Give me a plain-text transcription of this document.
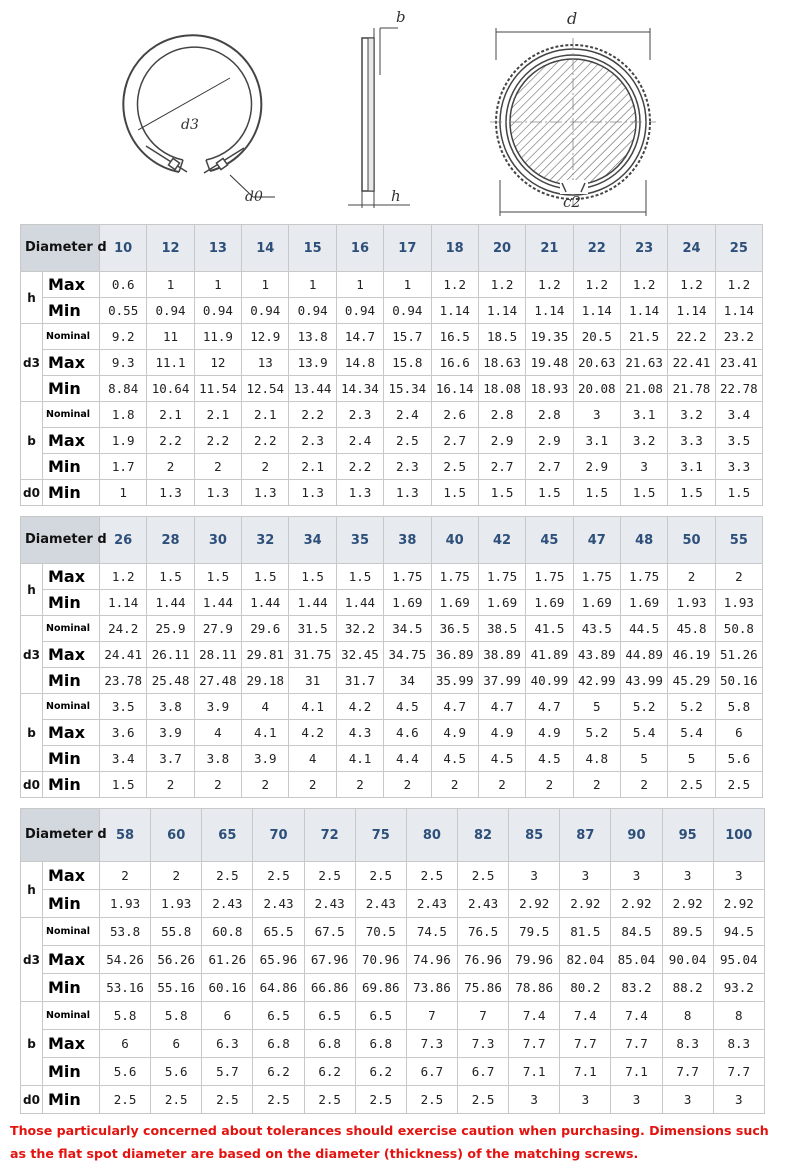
d3
d0
b
h
d
c2
Diameter d		10	12	13	14	15	16	17	18	20	21	22	23	24	25
h	Max	0.6	1	1	1	1	1	1	1.2	1.2	1.2	1.2	1.2	1.2	1.2
	Min	0.55	0.94	0.94	0.94	0.94	0.94	0.94	1.14	1.14	1.14	1.14	1.14	1.14	1.14
d3	Nominal	9.2	11	11.9	12.9	13.8	14.7	15.7	16.5	18.5	19.35	20.5	21.5	22.2	23.2
	Max	9.3	11.1	12	13	13.9	14.8	15.8	16.6	18.63	19.48	20.63	21.63	22.41	23.41
	Min	8.84	10.64	11.54	12.54	13.44	14.34	15.34	16.14	18.08	18.93	20.08	21.08	21.78	22.78
b	Nominal	1.8	2.1	2.1	2.1	2.2	2.3	2.4	2.6	2.8	2.8	3	3.1	3.2	3.4
	Max	1.9	2.2	2.2	2.2	2.3	2.4	2.5	2.7	2.9	2.9	3.1	3.2	3.3	3.5
	Min	1.7	2	2	2	2.1	2.2	2.3	2.5	2.7	2.7	2.9	3	3.1	3.3
d0	Min	1	1.3	1.3	1.3	1.3	1.3	1.3	1.5	1.5	1.5	1.5	1.5	1.5	1.5
Diameter d		26	28	30	32	34	35	38	40	42	45	47	48	50	55
h	Max	1.2	1.5	1.5	1.5	1.5	1.5	1.75	1.75	1.75	1.75	1.75	1.75	2	2
	Min	1.14	1.44	1.44	1.44	1.44	1.44	1.69	1.69	1.69	1.69	1.69	1.69	1.93	1.93
d3	Nominal	24.2	25.9	27.9	29.6	31.5	32.2	34.5	36.5	38.5	41.5	43.5	44.5	45.8	50.8
	Max	24.41	26.11	28.11	29.81	31.75	32.45	34.75	36.89	38.89	41.89	43.89	44.89	46.19	51.26
	Min	23.78	25.48	27.48	29.18	31	31.7	34	35.99	37.99	40.99	42.99	43.99	45.29	50.16
b	Nominal	3.5	3.8	3.9	4	4.1	4.2	4.5	4.7	4.7	4.7	5	5.2	5.2	5.8
	Max	3.6	3.9	4	4.1	4.2	4.3	4.6	4.9	4.9	4.9	5.2	5.4	5.4	6
	Min	3.4	3.7	3.8	3.9	4	4.1	4.4	4.5	4.5	4.5	4.8	5	5	5.6
d0	Min	1.5	2	2	2	2	2	2	2	2	2	2	2	2.5	2.5
Diameter d		58	60	65	70	72	75	80	82	85	87	90	95	100
h	Max	2	2	2.5	2.5	2.5	2.5	2.5	2.5	3	3	3	3	3
	Min	1.93	1.93	2.43	2.43	2.43	2.43	2.43	2.43	2.92	2.92	2.92	2.92	2.92
d3	Nominal	53.8	55.8	60.8	65.5	67.5	70.5	74.5	76.5	79.5	81.5	84.5	89.5	94.5
	Max	54.26	56.26	61.26	65.96	67.96	70.96	74.96	76.96	79.96	82.04	85.04	90.04	95.04
	Min	53.16	55.16	60.16	64.86	66.86	69.86	73.86	75.86	78.86	80.2	83.2	88.2	93.2
b	Nominal	5.8	5.8	6	6.5	6.5	6.5	7	7	7.4	7.4	7.4	8	8
	Max	6	6	6.3	6.8	6.8	6.8	7.3	7.3	7.7	7.7	7.7	8.3	8.3
	Min	5.6	5.6	5.7	6.2	6.2	6.2	6.7	6.7	7.1	7.1	7.1	7.7	7.7
d0	Min	2.5	2.5	2.5	2.5	2.5	2.5	2.5	2.5	3	3	3	3	3
Those particularly concerned about tolerances should exercise caution when purchasing. Dimensions such as the flat spot diameter are based on the diameter (thickness) of the matching screws.
